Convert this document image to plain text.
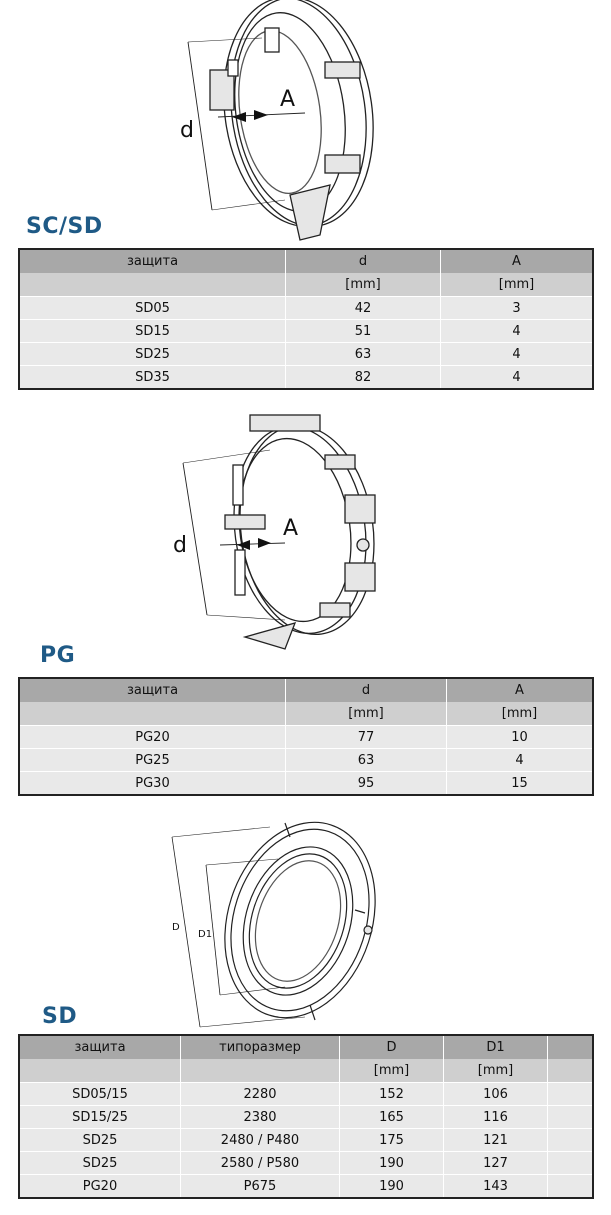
d
A
SC/SD
защита	d	A
	[mm]	[mm]
SD05	42	3
SD15	51	4
SD25	63	4
SD35	82	4
d
A
PG
защита	d	A
	[mm]	[mm]
PG20	77	10
PG25	63	4
PG30	95	15
D
D1
SD
защита	типоразмер	D	D1	
		[mm]	[mm]	
SD05/15	2280	152	106	
SD15/25	2380	165	116	
SD25	2480 / P480	175	121	
SD25	2580 / P580	190	127	
PG20	P675	190	143	
